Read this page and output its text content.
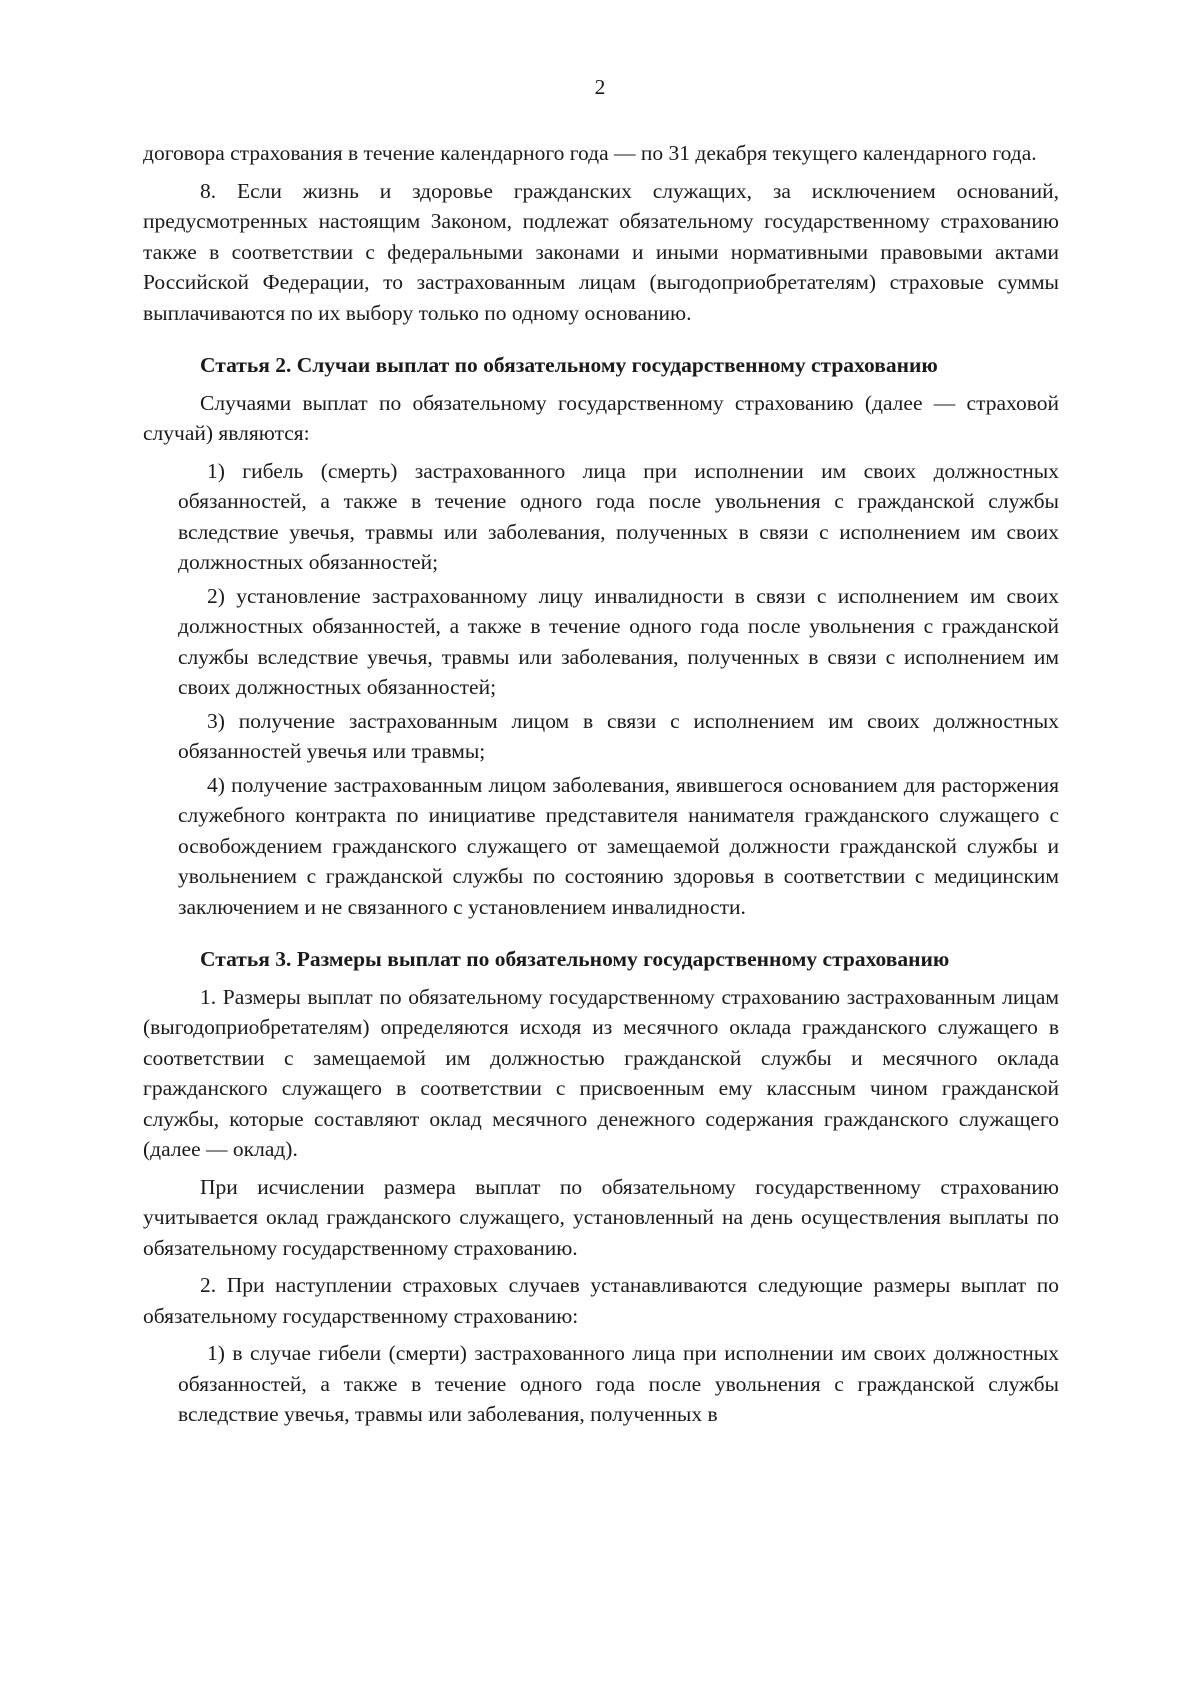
2

договора страхования в течение календарного года — по 31 декабря текущего календарного года.

8. Если жизнь и здоровье гражданских служащих, за исключением оснований, предусмотренных настоящим Законом, подлежат обязательному государственному страхованию также в соответствии с федеральными законами и иными нормативными правовыми актами Российской Федерации, то застрахованным лицам (выгодоприобретателям) страховые суммы выплачиваются по их выбору только по одному основанию.

Статья 2. Случаи выплат по обязательному государственному страхованию

Случаями выплат по обязательному государственному страхованию (далее — страховой случай) являются:

1) гибель (смерть) застрахованного лица при исполнении им своих должностных обязанностей, а также в течение одного года после увольнения с гражданской службы вследствие увечья, травмы или заболевания, полученных в связи с исполнением им своих должностных обязанностей;

2) установление застрахованному лицу инвалидности в связи с исполнением им своих должностных обязанностей, а также в течение одного года после увольнения с гражданской службы вследствие увечья, травмы или заболевания, полученных в связи с исполнением им своих должностных обязанностей;

3) получение застрахованным лицом в связи с исполнением им своих должностных обязанностей увечья или травмы;

4) получение застрахованным лицом заболевания, явившегося основанием для расторжения служебного контракта по инициативе представителя нанимателя гражданского служащего с освобождением гражданского служащего от замещаемой должности гражданской службы и увольнением с гражданской службы по состоянию здоровья в соответствии с медицинским заключением и не связанного с установлением инвалидности.

Статья 3. Размеры выплат по обязательному государственному страхованию

1. Размеры выплат по обязательному государственному страхованию застрахованным лицам (выгодоприобретателям) определяются исходя из месячного оклада гражданского служащего в соответствии с замещаемой им должностью гражданской службы и месячного оклада гражданского служащего в соответствии с присвоенным ему классным чином гражданской службы, которые составляют оклад месячного денежного содержания гражданского служащего (далее — оклад).

При исчислении размера выплат по обязательному государственному страхованию учитывается оклад гражданского служащего, установленный на день осуществления выплаты по обязательному государственному страхованию.

2. При наступлении страховых случаев устанавливаются следующие размеры выплат по обязательному государственному страхованию:

1) в случае гибели (смерти) застрахованного лица при исполнении им своих должностных обязанностей, а также в течение одного года после увольнения с гражданской службы вследствие увечья, травмы или заболевания, полученных в
